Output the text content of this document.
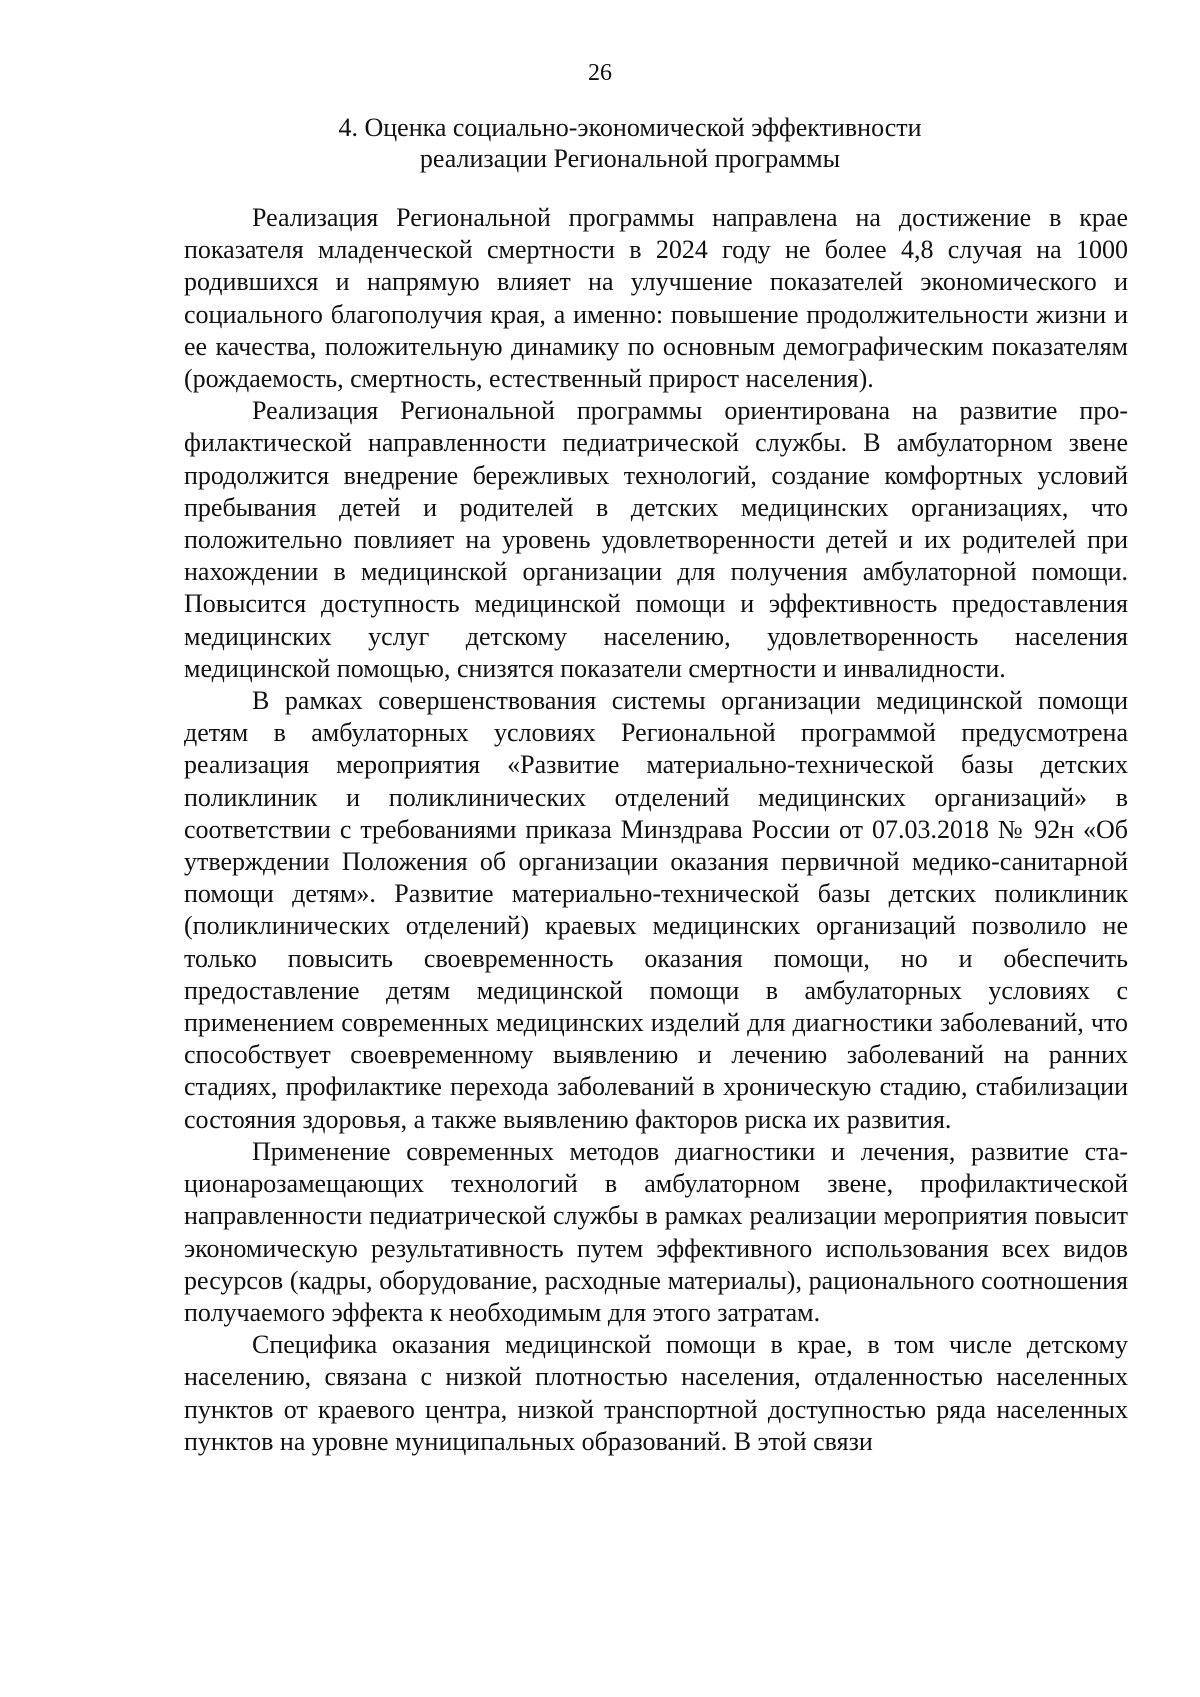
26
4. Оценка социально-экономической эффективности
реализации Региональной программы

Реализация Региональной программы направлена на достижение в крае показателя младенческой смертности в 2024 году не более 4,8 случая на 1000 родившихся и напрямую влияет на улучшение показателей экономического и социального благополучия края, а именно: повышение продолжительности жизни и ее качества, положительную динамику по основным демографическим показателям (рождаемость, смертность, естественный прирост населения).

Реализация Региональной программы ориентирована на развитие профилактической направленности педиатрической службы. В амбулаторном звене продолжится внедрение бережливых технологий, создание комфортных условий пребывания детей и родителей в детских медицинских организациях, что положительно повлияет на уровень удовлетворенности детей и их родителей при нахождении в медицинской организации для получения амбулаторной помощи. Повысится доступность медицинской помощи и эффективность предоставления медицинских услуг детскому населению, удовлетворенность населения медицинской помощью, снизятся показатели смертности и инвалидности.

В рамках совершенствования системы организации медицинской помощи детям в амбулаторных условиях Региональной программой предусмотрена реализация мероприятия «Развитие материально-технической базы детских поликлиник и поликлинических отделений медицинских организаций» в соответствии с требованиями приказа Минздрава России от 07.03.2018 № 92н «Об утверждении Положения об организации оказания первичной медико-санитарной помощи детям». Развитие материально-технической базы детских поликлиник (поликлинических отделений) краевых медицинских организаций позволило не только повысить своевременность оказания помощи, но и обеспечить предоставление детям медицинской помощи в амбулаторных условиях с применением современных медицинских изделий для диагностики заболеваний, что способствует своевременному выявлению и лечению заболеваний на ранних стадиях, профилактике перехода заболеваний в хроническую стадию, стабилизации состояния здоровья, а также выявлению факторов риска их развития.

Применение современных методов диагностики и лечения, развитие стационарозамещающих технологий в амбулаторном звене, профилактической направленности педиатрической службы в рамках реализации мероприятия повысит экономическую результативность путем эффективного использования всех видов ресурсов (кадры, оборудование, расходные материалы), рационального соотношения получаемого эффекта к необходимым для этого затратам.

Специфика оказания медицинской помощи в крае, в том числе детскому населению, связана с низкой плотностью населения, отдаленностью населенных пунктов от краевого центра, низкой транспортной доступностью ряда населенных пунктов на уровне муниципальных образований. В этой связи
